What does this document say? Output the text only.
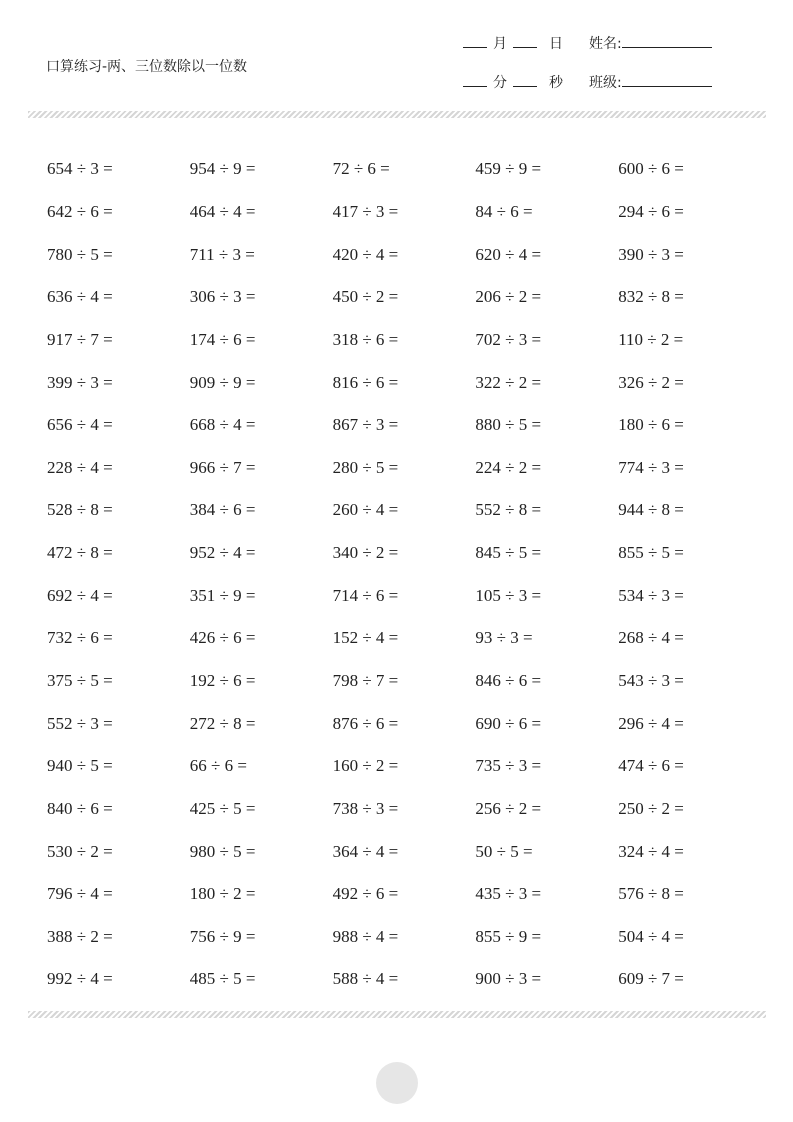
口算练习-两、三位数除以一位数
月	日 姓名:
分	秒 班级:
654 ÷ 3 =	954 ÷ 9 =	72 ÷ 6 =	459 ÷ 9 =	600 ÷ 6 =
642 ÷ 6 =	464 ÷ 4 =	417 ÷ 3 =	84 ÷ 6 =	294 ÷ 6 =
780 ÷ 5 =	711 ÷ 3 =	420 ÷ 4 =	620 ÷ 4 =	390 ÷ 3 =
636 ÷ 4 =	306 ÷ 3 =	450 ÷ 2 =	206 ÷ 2 =	832 ÷ 8 =
917 ÷ 7 =	174 ÷ 6 =	318 ÷ 6 =	702 ÷ 3 =	110 ÷ 2 =
399 ÷ 3 =	909 ÷ 9 =	816 ÷ 6 =	322 ÷ 2 =	326 ÷ 2 =
656 ÷ 4 =	668 ÷ 4 =	867 ÷ 3 =	880 ÷ 5 =	180 ÷ 6 =
228 ÷ 4 =	966 ÷ 7 =	280 ÷ 5 =	224 ÷ 2 =	774 ÷ 3 =
528 ÷ 8 =	384 ÷ 6 =	260 ÷ 4 =	552 ÷ 8 =	944 ÷ 8 =
472 ÷ 8 =	952 ÷ 4 =	340 ÷ 2 =	845 ÷ 5 =	855 ÷ 5 =
692 ÷ 4 =	351 ÷ 9 =	714 ÷ 6 =	105 ÷ 3 =	534 ÷ 3 =
732 ÷ 6 =	426 ÷ 6 =	152 ÷ 4 =	93 ÷ 3 =	268 ÷ 4 =
375 ÷ 5 =	192 ÷ 6 =	798 ÷ 7 =	846 ÷ 6 =	543 ÷ 3 =
552 ÷ 3 =	272 ÷ 8 =	876 ÷ 6 =	690 ÷ 6 =	296 ÷ 4 =
940 ÷ 5 =	66 ÷ 6 =	160 ÷ 2 =	735 ÷ 3 =	474 ÷ 6 =
840 ÷ 6 =	425 ÷ 5 =	738 ÷ 3 =	256 ÷ 2 =	250 ÷ 2 =
530 ÷ 2 =	980 ÷ 5 =	364 ÷ 4 =	50 ÷ 5 =	324 ÷ 4 =
796 ÷ 4 =	180 ÷ 2 =	492 ÷ 6 =	435 ÷ 3 =	576 ÷ 8 =
388 ÷ 2 =	756 ÷ 9 =	988 ÷ 4 =	855 ÷ 9 =	504 ÷ 4 =
992 ÷ 4 =	485 ÷ 5 =	588 ÷ 4 =	900 ÷ 3 =	609 ÷ 7 =
